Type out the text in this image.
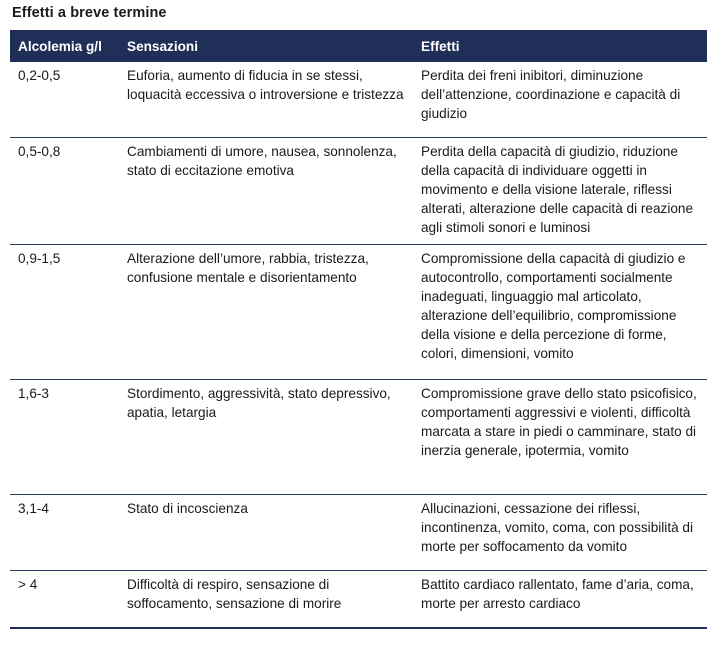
Effetti a breve termine
Alcolemia g/l	Sensazioni	Effetti
0,2-0,5	Euforia, aumento di fiducia in se stessi, loquacità eccessiva o introversione e tristezza	Perdita dei freni inibitori, diminuzione dell’attenzione, coordinazione e capacità di giudizio
0,5-0,8	Cambiamenti di umore, nausea, sonnolenza, stato di eccitazione emotiva	Perdita della capacità di giudizio, riduzione della capacità di individuare oggetti in movimento e della visione laterale, riflessi alterati, alterazione delle capacità di reazione agli stimoli sonori e luminosi
0,9-1,5	Alterazione dell’umore, rabbia, tristezza, confusione mentale e disorientamento	Compromissione della capacità di giudizio e autocontrollo, comportamenti socialmente inadeguati, linguaggio mal articolato, alterazione dell’equilibrio, compromissione della visione e della percezione di forme, colori, dimensioni, vomito
1,6-3	Stordimento, aggressività, stato depressivo, apatia, letargia	Compromissione grave dello stato psicofisico, comportamenti aggressivi e violenti, difficoltà marcata a stare in piedi o camminare, stato di inerzia generale, ipotermia, vomito
3,1-4	Stato di incoscienza	Allucinazioni, cessazione dei riflessi, incontinenza, vomito, coma, con possibilità di morte per soffocamento da vomito
> 4	Difficoltà di respiro, sensazione di soffocamento, sensazione di morire	Battito cardiaco rallentato, fame d’aria, coma, morte per arresto cardiaco
